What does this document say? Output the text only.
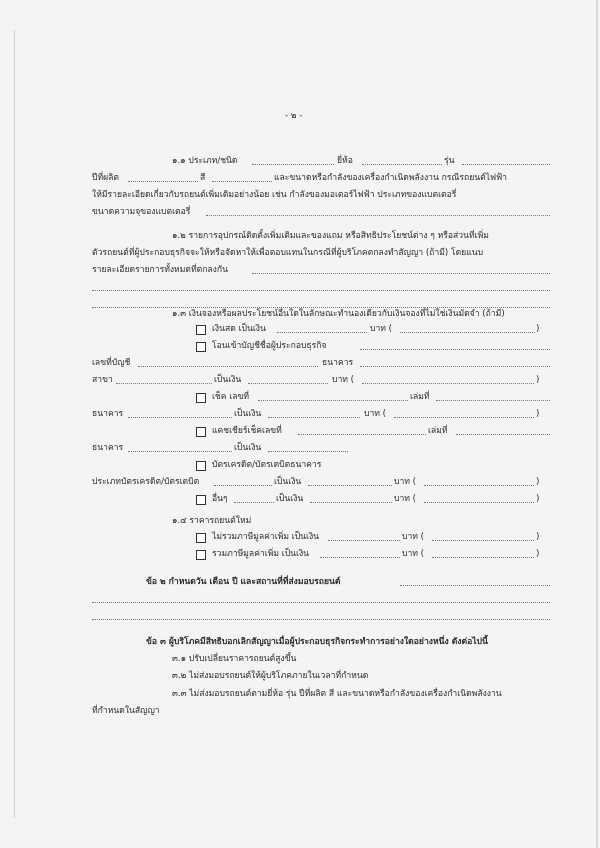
- ๒ -
๑.๑ ประเภท/ชนิด	ยี่ห้อ	รุ่น
ปีที่ผลิต	สี	และขนาดหรือกำลังของเครื่องกำเนิดพลังงาน กรณีรถยนต์ไฟฟ้า
ให้มีรายละเอียดเกี่ยวกับรถยนต์เพิ่มเติมอย่างน้อย เช่น กำลังของมอเตอร์ไฟฟ้า ประเภทของแบตเตอรี่
ขนาดความจุของแบตเตอรี่
๑.๒ รายการอุปกรณ์ติดตั้งเพิ่มเติมและของแถม หรือสิทธิประโยชน์ต่าง ๆ หรือส่วนที่เพิ่ม
ตัวรถยนต์ที่ผู้ประกอบธุรกิจจะให้หรือจัดหาให้เพื่อตอบแทนในกรณีที่ผู้บริโภคตกลงทำสัญญา (ถ้ามี) โดยแนบ
รายละเอียดรายการทั้งหมดที่ตกลงกัน
๑.๓ เงินจองหรือผลประโยชน์อื่นใดในลักษณะทำนองเดียวกับเงินจองที่ไม่ใช่เงินมัดจำ (ถ้ามี)
เงินสด เป็นเงิน	บาท (	)
โอนเข้าบัญชีชื่อผู้ประกอบธุรกิจ
เลขที่บัญชี	ธนาคาร
สาขา	เป็นเงิน	บาท (	)
เช็ค เลขที่	เล่มที่
ธนาคาร	เป็นเงิน	บาท (	)
แคชเชียร์เช็คเลขที่	เล่มที่
ธนาคาร	เป็นเงิน
บัตรเครดิต/บัตรเดบิตธนาคาร
ประเภทบัตรเครดิต/บัตรเดบิต	เป็นเงิน	บาท (	)
อื่นๆ	เป็นเงิน	บาท (	)
๑.๔ ราคารถยนต์ใหม่
ไม่รวมภาษีมูลค่าเพิ่ม เป็นเงิน	บาท (	)
รวมภาษีมูลค่าเพิ่ม เป็นเงิน	บาท (	)
ข้อ ๒ กำหนดวัน เดือน ปี และสถานที่ที่ส่งมอบรถยนต์
ข้อ ๓ ผู้บริโภคมีสิทธิบอกเลิกสัญญาเมื่อผู้ประกอบธุรกิจกระทำการอย่างใดอย่างหนึ่ง ดังต่อไปนี้
๓.๑ ปรับเปลี่ยนราคารถยนต์สูงขึ้น
๓.๒ ไม่ส่งมอบรถยนต์ให้ผู้บริโภคภายในเวลาที่กำหนด
๓.๓ ไม่ส่งมอบรถยนต์ตามยี่ห้อ รุ่น ปีที่ผลิต สี และขนาดหรือกำลังของเครื่องกำเนิดพลังงาน
ที่กำหนดในสัญญา
